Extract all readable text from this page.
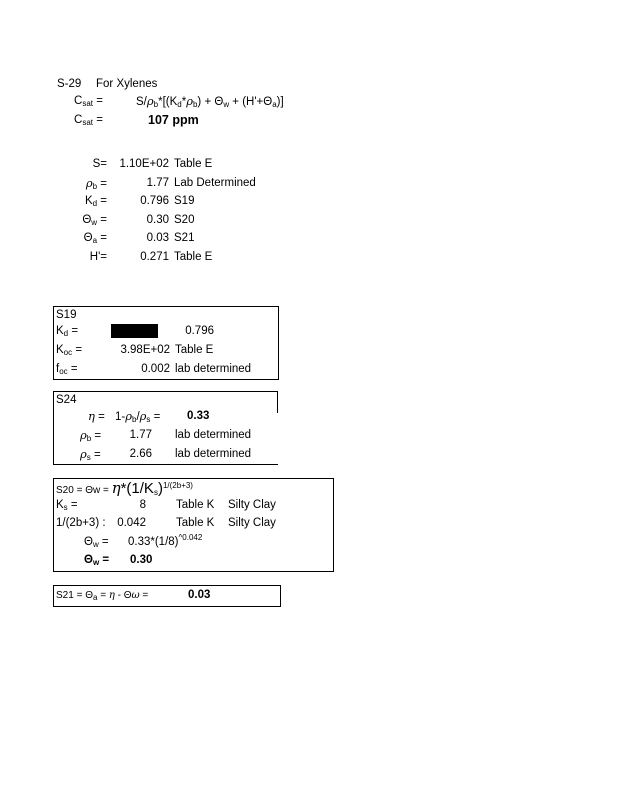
S-29 For Xylenes
$C_{sat}$ =	$S/\rho_b*[(K_d*\rho_b) + \Theta_w + (H'+\Theta_a)]$
$C_{sat}$ =	107 ppm
S=	1.10E+02 Table E
$\rho_b$ =	1.77 Lab Determined
$K_d$ =	0.796 S19
$\Theta_w$ =	0.30 S20
$\Theta_a$ =	0.03 S21
H'=	0.271 Table E
S19
$K_d$ =	0.796
$K_{oc}$ =	3.98E+02 Table E
$f_{oc}$ =	0.002 lab determined
S24
$\eta = 1-\rho_b/\rho_s = 0.33$
$\rho_b$ =	1.77 lab determined
$\rho_s$ =	2.66 lab determined
$S20 = \Theta w = \eta*(1/K_s)^{1/(2b+3)}$
$K_s$ =	8	Table K Silty Clay
1/(2b+3) :	0.042	Table K Silty Clay
$\Theta_w = 0.33*(1/8)^{\^{}0.042}$
$\Theta_w = 0.30$
$S21 = \Theta_a = \eta - \Theta\omega$ =	0.03
